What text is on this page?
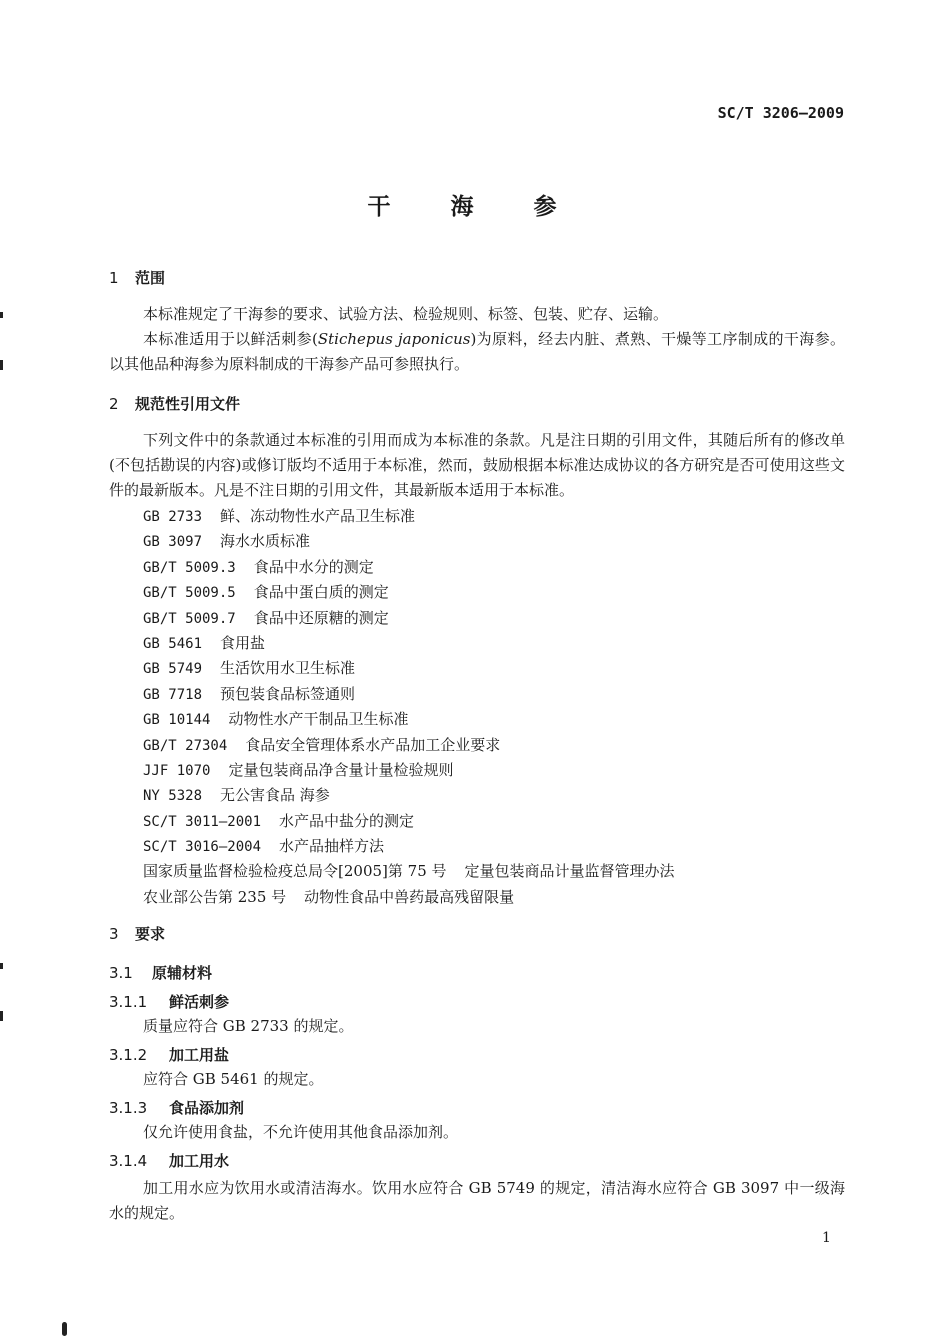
SC/T 3206—2009
干 海 参
1 范围
本标准规定了干海参的要求、试验方法、检验规则、标签、包装、贮存、运输。
本标准适用于以鲜活刺参(Stichepus japonicus)为原料，经去内脏、煮熟、干燥等工序制成的干海参。以其他品种海参为原料制成的干海参产品可参照执行。
2 规范性引用文件
下列文件中的条款通过本标准的引用而成为本标准的条款。凡是注日期的引用文件，其随后所有的修改单(不包括勘误的内容)或修订版均不适用于本标准，然而，鼓励根据本标准达成协议的各方研究是否可使用这些文件的最新版本。凡是不注日期的引用文件，其最新版本适用于本标准。
GB 2733 鲜、冻动物性水产品卫生标准
GB 3097 海水水质标准
GB/T 5009.3 食品中水分的测定
GB/T 5009.5 食品中蛋白质的测定
GB/T 5009.7 食品中还原糖的测定
GB 5461 食用盐
GB 5749 生活饮用水卫生标准
GB 7718 预包装食品标签通则
GB 10144 动物性水产干制品卫生标准
GB/T 27304 食品安全管理体系水产品加工企业要求
JJF 1070 定量包装商品净含量计量检验规则
NY 5328 无公害食品 海参
SC/T 3011—2001 水产品中盐分的测定
SC/T 3016—2004 水产品抽样方法
国家质量监督检验检疫总局令[2005]第 75 号 定量包装商品计量监督管理办法
农业部公告第 235 号 动物性食品中兽药最高残留限量
3 要求
3.1 原辅材料
3.1.1 鲜活刺参
质量应符合 GB 2733 的规定。
3.1.2 加工用盐
应符合 GB 5461 的规定。
3.1.3 食品添加剂
仅允许使用食盐，不允许使用其他食品添加剂。
3.1.4 加工用水
加工用水应为饮用水或清洁海水。饮用水应符合 GB 5749 的规定，清洁海水应符合 GB 3097 中一级海水的规定。
1
